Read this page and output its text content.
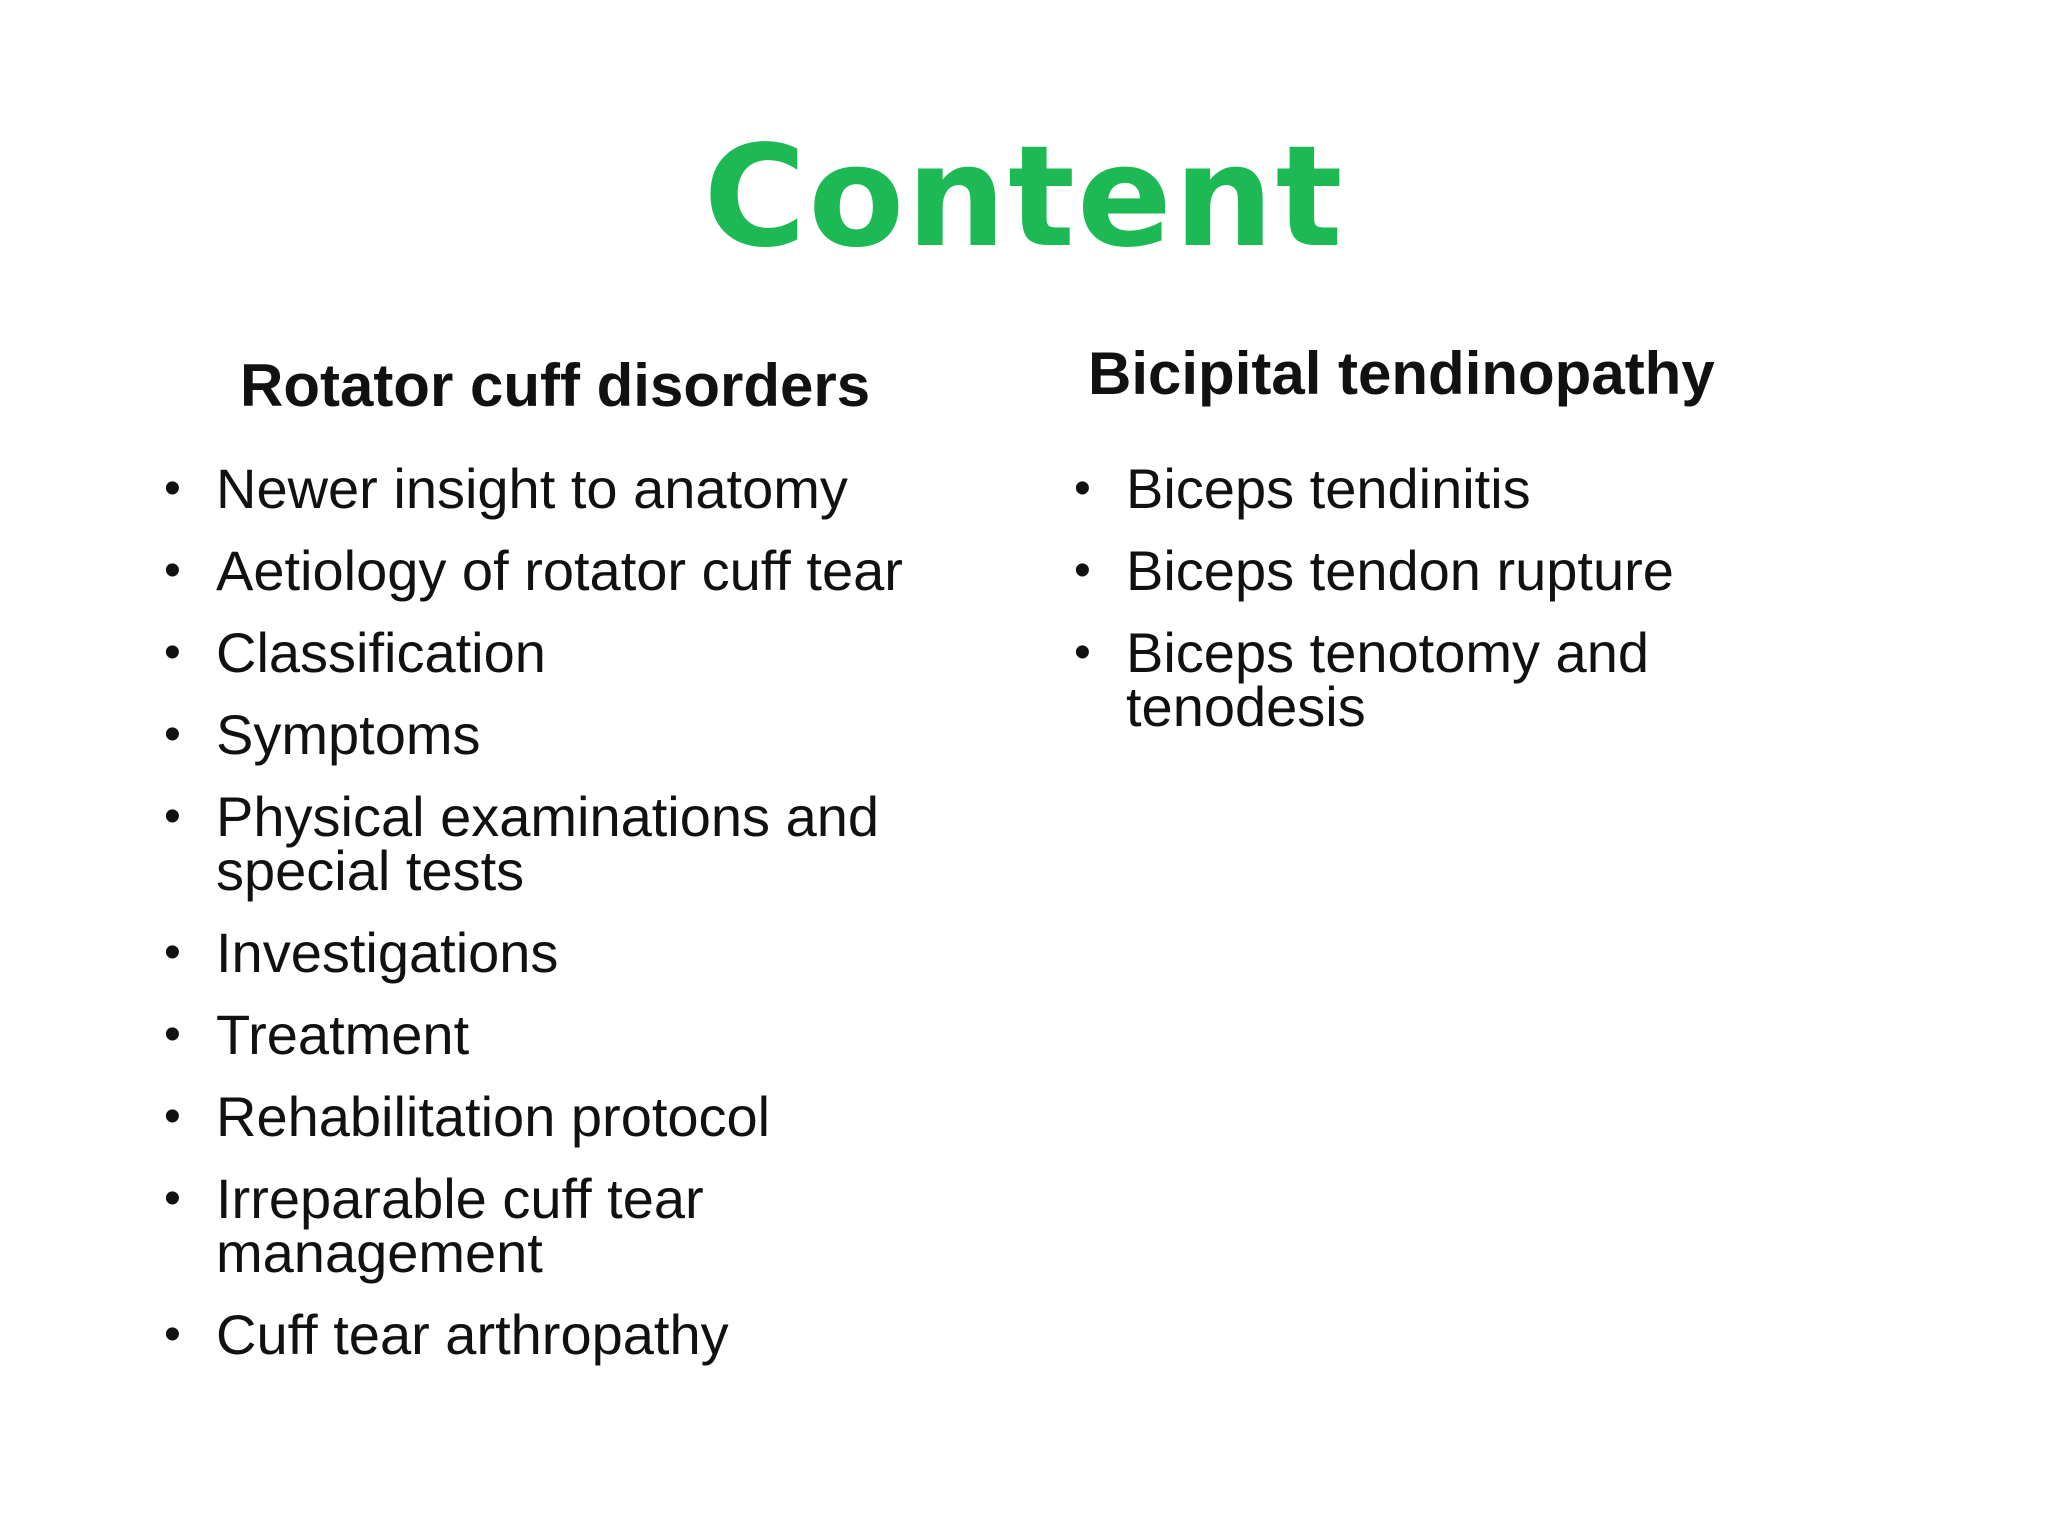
Content
Rotator cuff disorders
• Newer insight to anatomy
• Aetiology of rotator cuff tear
• Classification
• Symptoms
• Physical examinations and special tests
• Investigations
• Treatment
• Rehabilitation protocol
• Irreparable cuff tear management
• Cuff tear arthropathy
Bicipital tendinopathy
• Biceps tendinitis
• Biceps tendon rupture
• Biceps tenotomy and tenodesis
